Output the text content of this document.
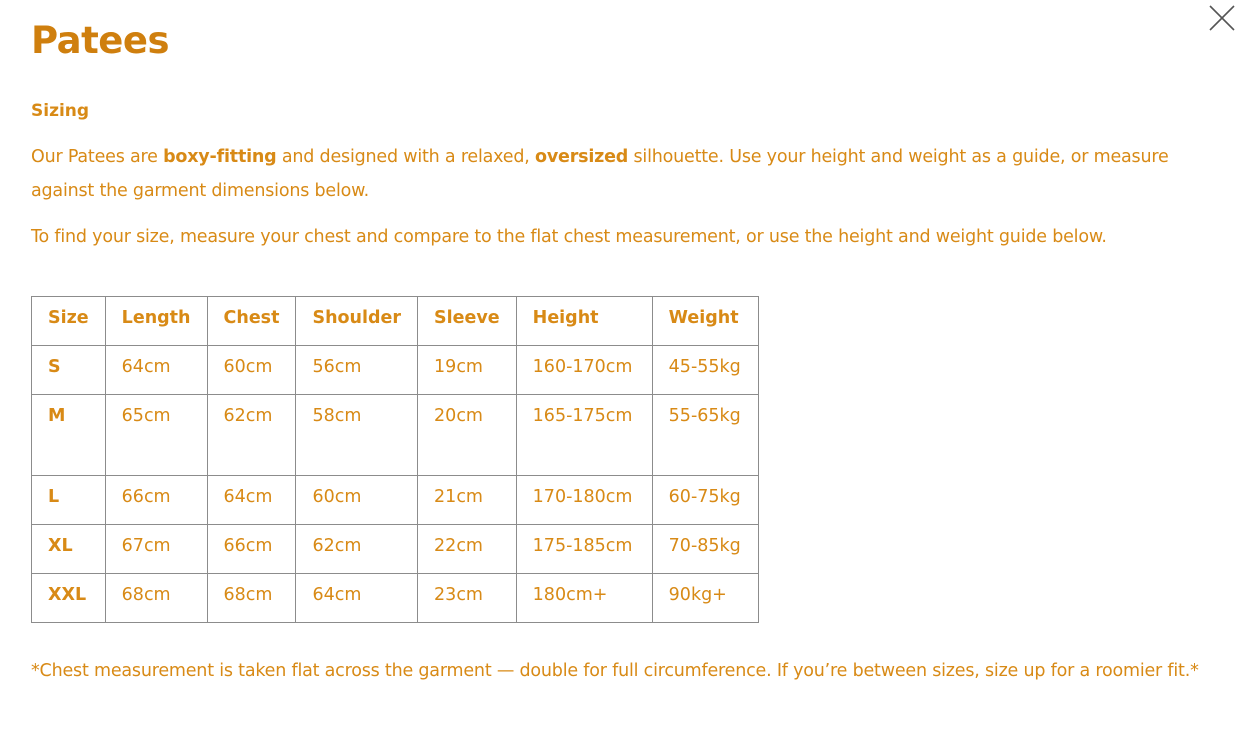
Patees
Sizing

Our Patees are boxy-fitting and designed with a relaxed, oversized silhouette. Use your height and weight as a guide, or measure against the garment dimensions below.

To find your size, measure your chest and compare to the flat chest measurement, or use the height and weight guide below.

Size	Length	Chest	Shoulder	Sleeve	Height	Weight
S	64cm	60cm	56cm	19cm	160-170cm	45-55kg
M	65cm	62cm	58cm	20cm	165-175cm	55-65kg
L	66cm	64cm	60cm	21cm	170-180cm	60-75kg
XL	67cm	66cm	62cm	22cm	175-185cm	70-85kg
XXL	68cm	68cm	64cm	23cm	180cm+	90kg+

*Chest measurement is taken flat across the garment — double for full circumference. If you’re between sizes, size up for a roomier fit.*
